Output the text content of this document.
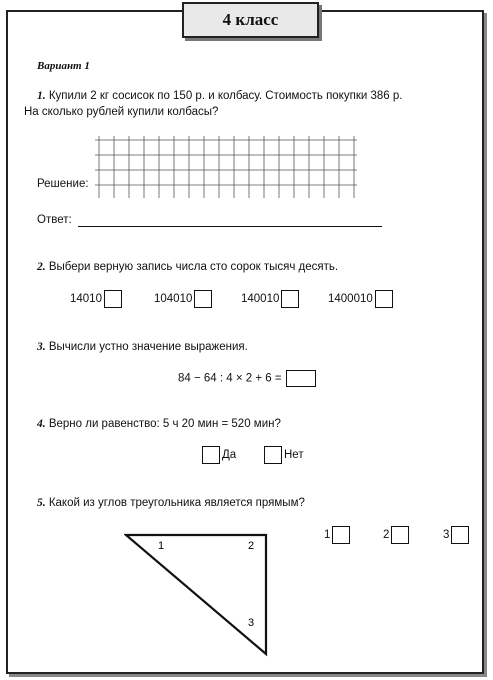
4 класс
Вариант 1
1. Купили 2 кг сосисок по 150 р. и колбасу. Стоимость покупки 386 р.
На сколько рублей купили колбасы?
Решение:
Ответ:
2. Выбери верную запись числа сто сорок тысяч десять.
14010	104010	140010	1400010
3. Вычисли устно значение выражения.
84 − 64 : 4 × 2 + 6 =
4. Верно ли равенство: 5 ч 20 мин = 520 мин?
Да	Нет
5. Какой из углов треугольника является прямым?
1	2
3
1	2	3
